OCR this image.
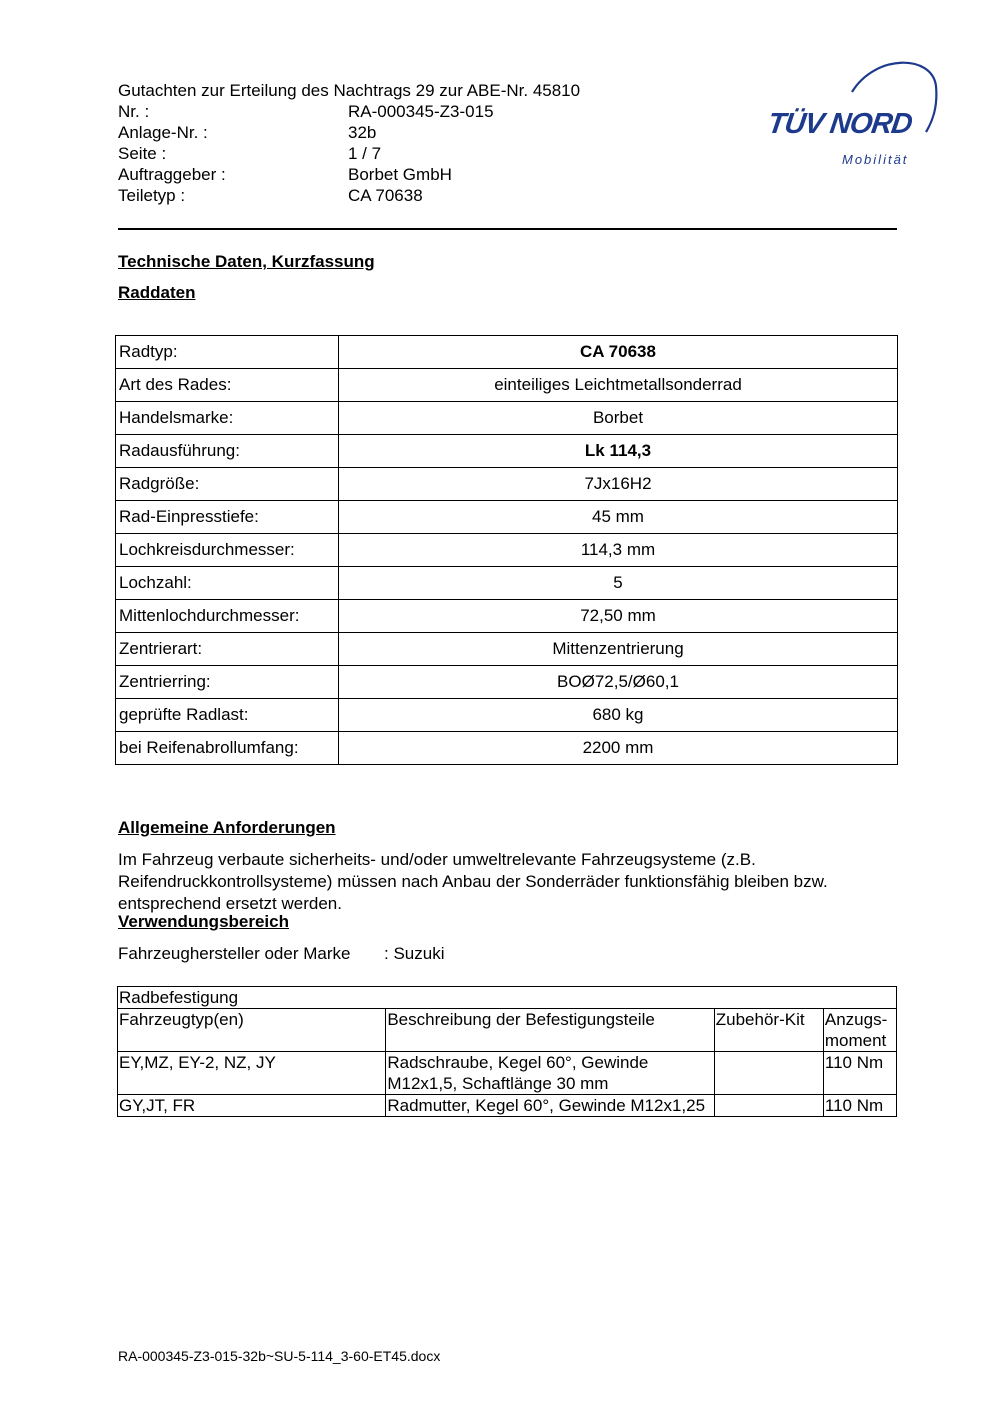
Gutachten zur Erteilung des Nachtrags 29 zur ABE-Nr. 45810
Nr. :	RA-000345-Z3-015
Anlage-Nr. :	32b
Seite :	1 / 7
Auftraggeber :	Borbet GmbH
Teiletyp :	CA 70638
TÜV NORD
Mobilität
Technische Daten, Kurzfassung
Raddaten
Radtyp:	CA 70638
Art des Rades:	einteiliges Leichtmetallsonderrad
Handelsmarke:	Borbet
Radausführung:	Lk 114,3
Radgröße:	7Jx16H2
Rad-Einpresstiefe:	45 mm
Lochkreisdurchmesser:	114,3 mm
Lochzahl:	5
Mittenlochdurchmesser:	72,50 mm
Zentrierart:	Mittenzentrierung
Zentrierring:	BOØ72,5/Ø60,1
geprüfte Radlast:	680 kg
bei Reifenabrollumfang:	2200 mm
Allgemeine Anforderungen
Im Fahrzeug verbaute sicherheits- und/oder umweltrelevante Fahrzeugsysteme (z.B. Reifendruckkontrollsysteme) müssen nach Anbau der Sonderräder funktionsfähig bleiben bzw. entsprechend ersetzt werden.
Verwendungsbereich
Fahrzeughersteller oder Marke	: Suzuki
Radbefestigung			
Fahrzeugtyp(en)	Beschreibung der Befestigungsteile	Zubehör-Kit	Anzugs-moment
EY,MZ, EY-2, NZ, JY	Radschraube, Kegel 60°, Gewinde M12x1,5, Schaftlänge 30 mm		110 Nm
GY,JT, FR	Radmutter, Kegel 60°, Gewinde M12x1,25		110 Nm
RA-000345-Z3-015-32b~SU-5-114_3-60-ET45.docx
